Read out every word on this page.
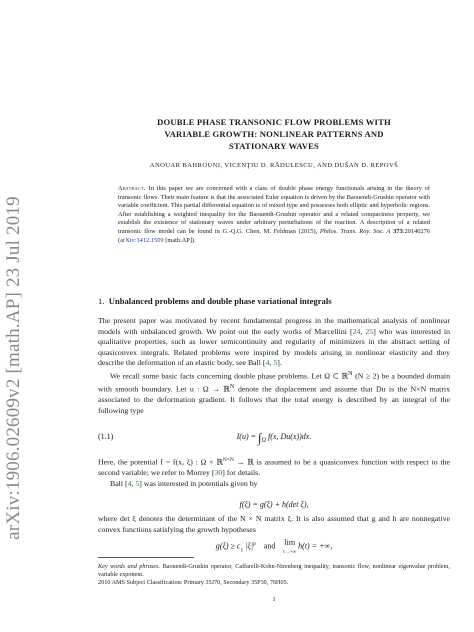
arXiv:1906.02609v2 [math.AP] 23 Jul 2019
DOUBLE PHASE TRANSONIC FLOW PROBLEMS WITH
VARIABLE GROWTH: NONLINEAR PATTERNS AND
STATIONARY WAVES
ANOUAR BAHROUNI, VICENŢIU D. RĂDULESCU, AND DUŠAN D. REPOVŠ
Abstract. In this paper we are concerned with a class of double phase energy functionals arising in the theory of transonic flows. Their main feature is that the associated Euler equation is driven by the Baouendi-Grushin operator with variable coefficient. This partial differential equation is of mixed type and possesses both elliptic and hyperbolic regions. After establishing a weighted inequality for the Baouendi-Grushin operator and a related compactness property, we establish the existence of stationary waves under arbitrary perturbations of the reaction. A description of a related transonic flow model can be found in G.-Q.G. Chen, M. Feldman (2015), Philos. Trans. Roy. Soc. A 373:20140276 (arXiv:1412.1509 [math.AP]).
1. Unbalanced problems and double phase variational integrals

The present paper was motivated by recent fundamental progress in the mathematical analysis of nonlinear models with unbalanced growth. We point out the early works of Marcellini [24, 25] who was interested in qualitative properties, such as lower semicontinuity and regularity of minimizers in the abstract setting of quasiconvex integrals. Related problems were inspired by models arising in nonlinear elasticity and they describe the deformation of an elastic body, see Ball [4, 5].

We recall some basic facts concerning double phase problems. Let Ω ⊂ ℝ$^N$ (N ≥ 2) be a bounded domain with smooth boundary. Let u : Ω → ℝ$^N$ denote the displacement and assume that Du is the N×N matrix associated to the deformation gradient. It follows that the total energy is described by an integral of the following type

(1.1)	$I(u) = \int_\Omega$ f(x, Du(x))dx.

Here, the potential f = f(x, ξ) : Ω × ℝ$^{N\times N}$ → ℝ is assumed to be a quasiconvex function with respect to the second variable; we refer to Morrey [30] for details.

Ball [4, 5] was interested in potentials given by

f(ξ) = g(ξ) + h(det ξ),

where det ξ denotes the determinant of the N × N matrix ξ. It is also assumed that g and h are nonnegative convex functions satisfying the growth hypotheses

$g(\xi) \ge c_1$ $|\xi|^p$ and lim
t→+∞ h(t) = +∞,
Key words and phrases. Baouendi-Grushin operator, Caffarelli-Kohn-Nirenberg inequality, transonic flow, nonlinear eigenvalue problem, variable exponent.
2010 AMS Subject Classification: Primary 35J70, Secondary 35P30, 76H05.
1
